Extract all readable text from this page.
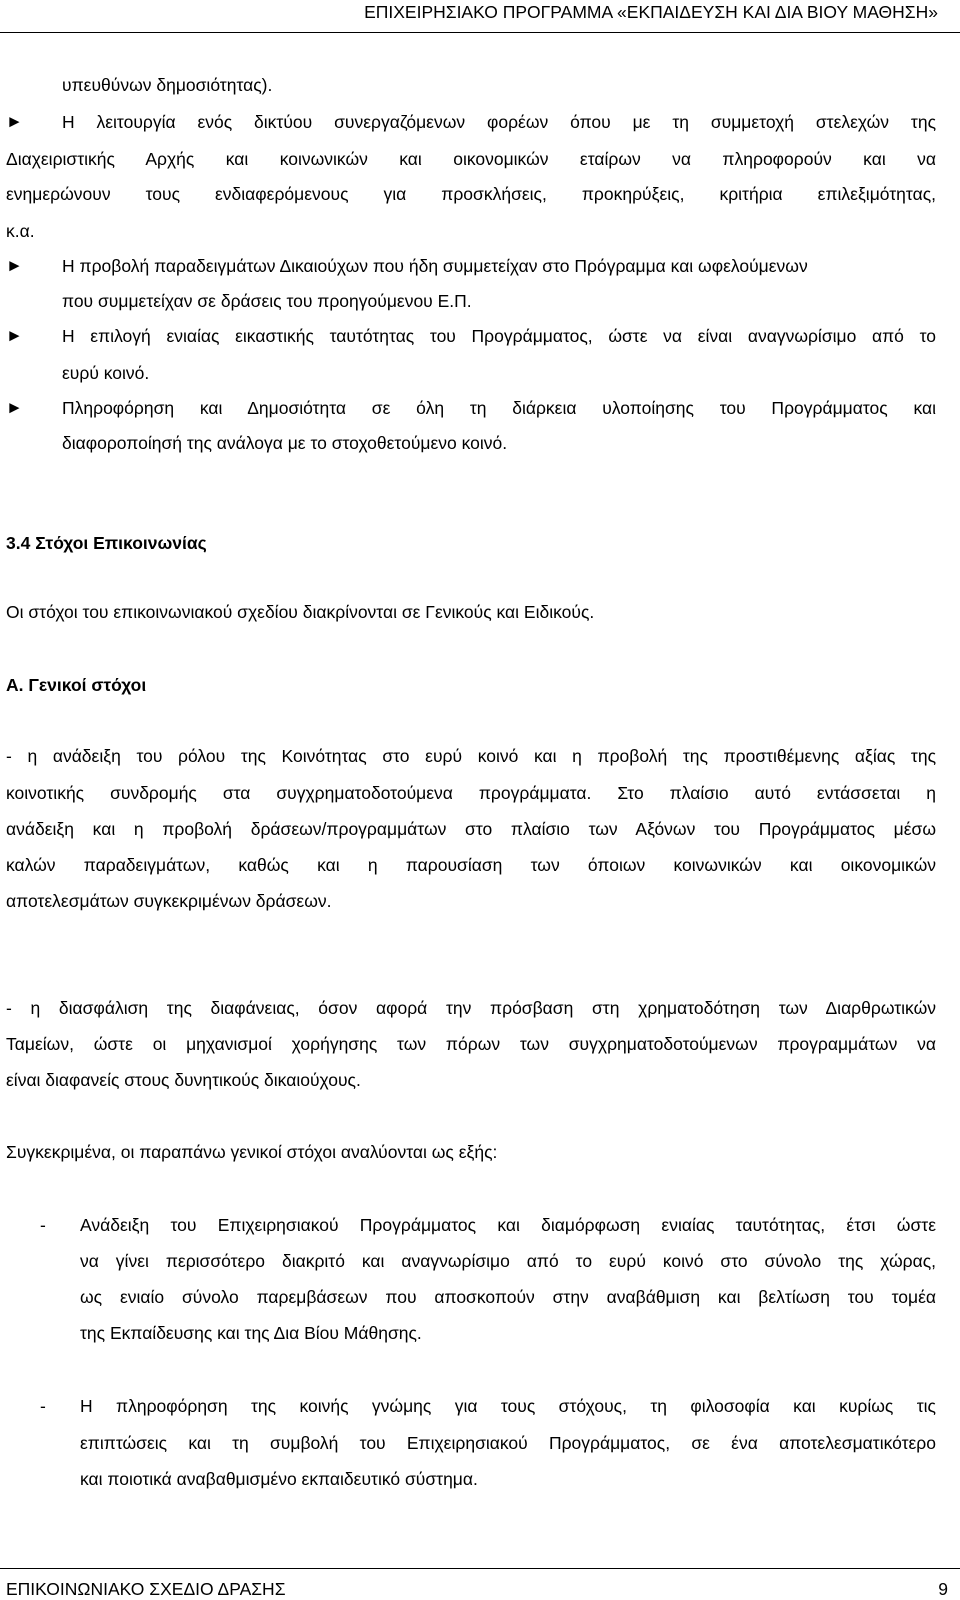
ΕΠΙΧΕΙΡΗΣΙΑΚΟ ΠΡΟΓΡΑΜΜΑ «ΕΚΠΑΙΔΕΥΣΗ ΚΑΙ ΔΙΑ ΒΙΟΥ ΜΑΘΗΣΗ»
υπευθύνων δημοσιότητας).
► Η λειτουργία ενός δικτύου συνεργαζόμενων φορέων όπου με τη συμμετοχή στελεχών της
Διαχειριστικής Αρχής και κοινωνικών και οικονομικών εταίρων να πληροφορούν και να
ενημερώνουν τους ενδιαφερόμενους για προσκλήσεις, προκηρύξεις, κριτήρια επιλεξιμότητας,
κ.α.
► Η προβολή παραδειγμάτων Δικαιούχων που ήδη συμμετείχαν στο Πρόγραμμα και ωφελούμενων
που συμμετείχαν σε δράσεις του προηγούμενου Ε.Π.
► Η επιλογή ενιαίας εικαστικής ταυτότητας του Προγράμματος, ώστε να είναι αναγνωρίσιμο από το
ευρύ κοινό.
► Πληροφόρηση και Δημοσιότητα σε όλη τη διάρκεια υλοποίησης του Προγράμματος και
διαφοροποίησή της ανάλογα με το στοχοθετούμενο κοινό.
3.4 Στόχοι Επικοινωνίας
Οι στόχοι του επικοινωνιακού σχεδίου διακρίνονται σε Γενικούς και Ειδικούς.
Α. Γενικοί στόχοι
- η ανάδειξη του ρόλου της Κοινότητας στο ευρύ κοινό και η προβολή της προστιθέμενης αξίας της
κοινοτικής συνδρομής στα συγχρηματοδοτούμενα προγράμματα. Στο πλαίσιο αυτό εντάσσεται η
ανάδειξη και η προβολή δράσεων/προγραμμάτων στο πλαίσιο των Αξόνων του Προγράμματος μέσω
καλών παραδειγμάτων, καθώς και η παρουσίαση των όποιων κοινωνικών και οικονομικών
αποτελεσμάτων συγκεκριμένων δράσεων.
- η διασφάλιση της διαφάνειας, όσον αφορά την πρόσβαση στη χρηματοδότηση των Διαρθρωτικών
Ταμείων, ώστε οι μηχανισμοί χορήγησης των πόρων των συγχρηματοδοτούμενων προγραμμάτων να
είναι διαφανείς στους δυνητικούς δικαιούχους.
Συγκεκριμένα, οι παραπάνω γενικοί στόχοι αναλύονται ως εξής:
- Ανάδειξη του Επιχειρησιακού Προγράμματος και διαμόρφωση ενιαίας ταυτότητας, έτσι ώστε
να γίνει περισσότερο διακριτό και αναγνωρίσιμο από το ευρύ κοινό στο σύνολο της χώρας,
ως ενιαίο σύνολο παρεμβάσεων που αποσκοπούν στην αναβάθμιση και βελτίωση του τομέα
της Εκπαίδευσης και της Δια Βίου Μάθησης.
- Η πληροφόρηση της κοινής γνώμης για τους στόχους, τη φιλοσοφία και κυρίως τις
επιπτώσεις και τη συμβολή του Επιχειρησιακού Προγράμματος, σε ένα αποτελεσματικότερο
και ποιοτικά αναβαθμισμένο εκπαιδευτικό σύστημα.
ΕΠΙΚΟΙΝΩΝΙΑΚΟ ΣΧΕΔΙΟ ΔΡΑΣΗΣ	9
